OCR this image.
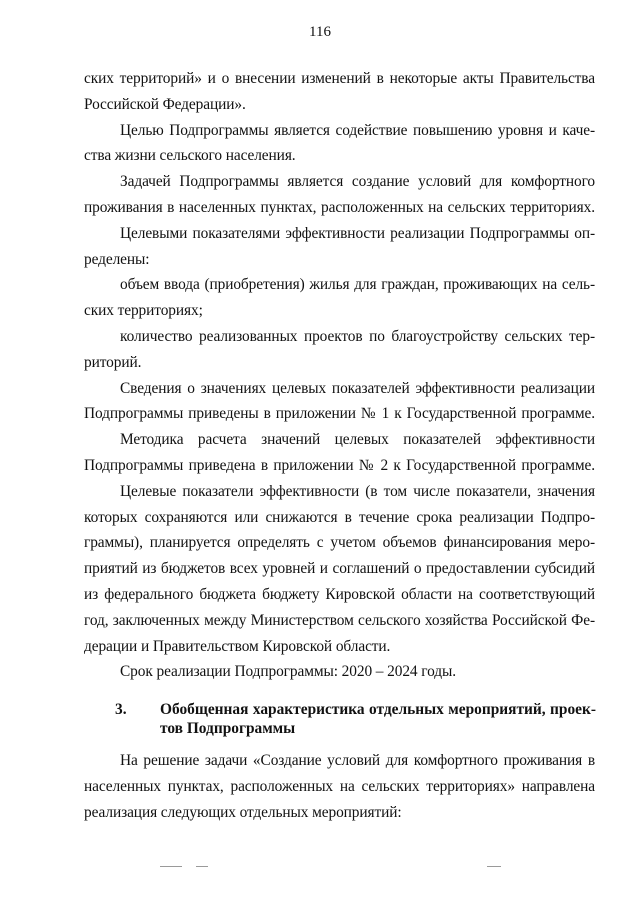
116
ских территорий» и о внесении изменений в некоторые акты Правительства
Российской Федерации».
Целью Подпрограммы является содействие повышению уровня и каче-
ства жизни сельского населения.
Задачей Подпрограммы является создание условий для комфортного
проживания в населенных пунктах, расположенных на сельских территориях.
Целевыми показателями эффективности реализации Подпрограммы оп-
ределены:
объем ввода (приобретения) жилья для граждан, проживающих на сель-
ских территориях;
количество реализованных проектов по благоустройству сельских тер-
риторий.
Сведения о значениях целевых показателей эффективности реализации
Подпрограммы приведены в приложении № 1 к Государственной программе.
Методика расчета значений целевых показателей эффективности
Подпрограммы приведена в приложении № 2 к Государственной программе.
Целевые показатели эффективности (в том числе показатели, значения
которых сохраняются или снижаются в течение срока реализации Подпро-
граммы), планируется определять с учетом объемов финансирования меро-
приятий из бюджетов всех уровней и соглашений о предоставлении субсидий
из федерального бюджета бюджету Кировской области на соответствующий
год, заключенных между Министерством сельского хозяйства Российской Фе-
дерации и Правительством Кировской области.
Срок реализации Подпрограммы: 2020 – 2024 годы.
3. Обобщенная характеристика отдельных мероприятий, проек-
тов Подпрограммы
На решение задачи «Создание условий для комфортного проживания в
населенных пунктах, расположенных на сельских территориях» направлена
реализация следующих отдельных мероприятий:
